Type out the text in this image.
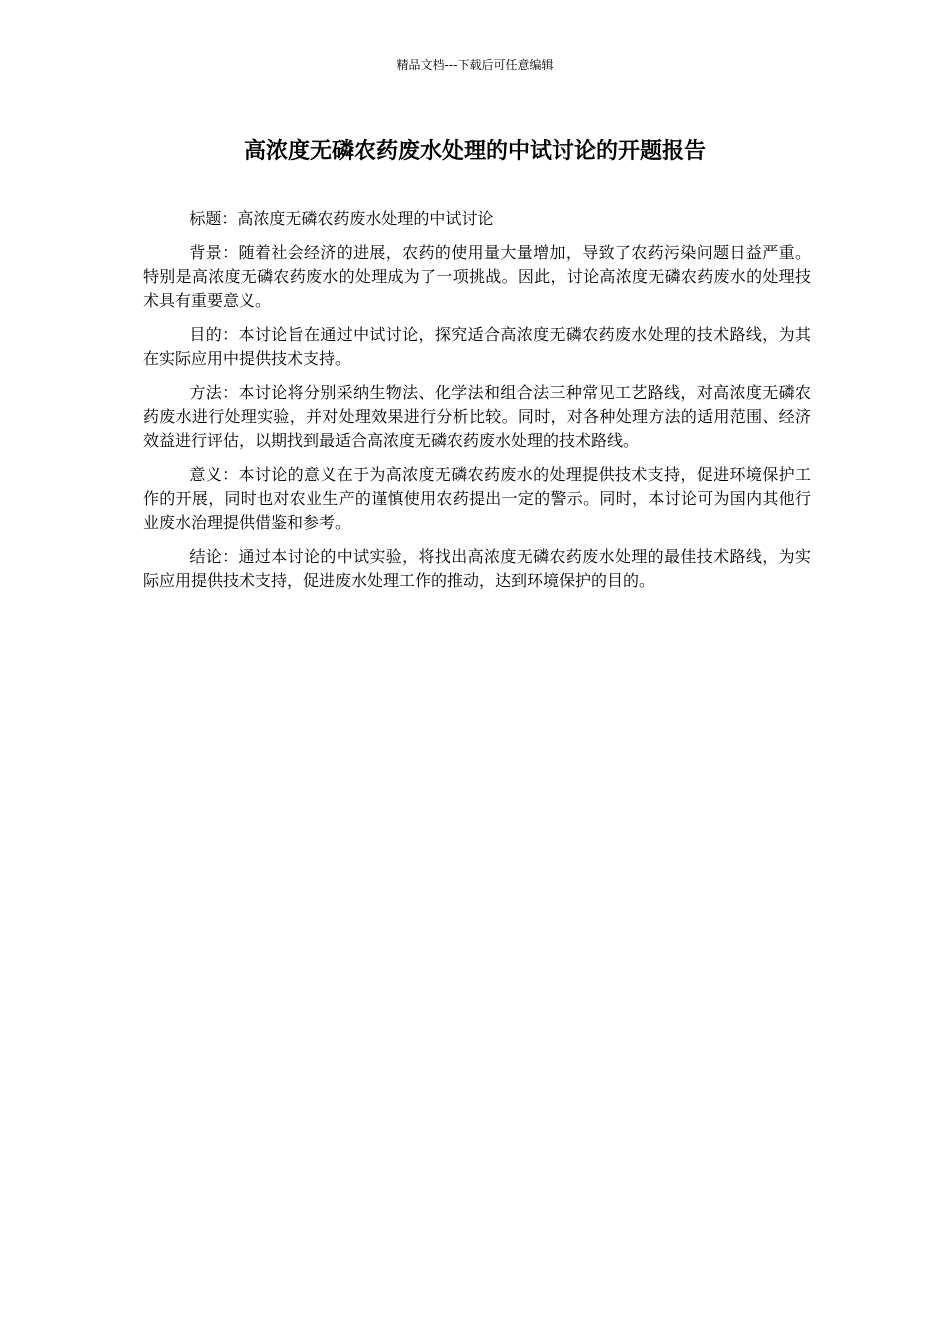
精品文档---下载后可任意编辑
高浓度无磷农药废水处理的中试讨论的开题报告

标题：高浓度无磷农药废水处理的中试讨论

背景：随着社会经济的进展，农药的使用量大量增加，导致了农药污染问题日益严重。特别是高浓度无磷农药废水的处理成为了一项挑战。因此，讨论高浓度无磷农药废水的处理技术具有重要意义。

目的：本讨论旨在通过中试讨论，探究适合高浓度无磷农药废水处理的技术路线，为其在实际应用中提供技术支持。

方法：本讨论将分别采纳生物法、化学法和组合法三种常见工艺路线，对高浓度无磷农药废水进行处理实验，并对处理效果进行分析比较。同时，对各种处理方法的适用范围、经济效益进行评估，以期找到最适合高浓度无磷农药废水处理的技术路线。

意义：本讨论的意义在于为高浓度无磷农药废水的处理提供技术支持，促进环境保护工作的开展，同时也对农业生产的谨慎使用农药提出一定的警示。同时，本讨论可为国内其他行业废水治理提供借鉴和参考。

结论：通过本讨论的中试实验，将找出高浓度无磷农药废水处理的最佳技术路线，为实际应用提供技术支持，促进废水处理工作的推动，达到环境保护的目的。
